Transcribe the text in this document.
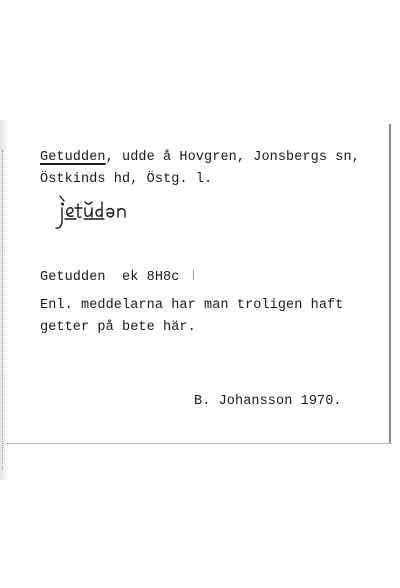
Getudden, udde å Hovgren, Jonsbergs sn,
Östkinds hd, Östg. l.
Getudden  ek 8H8c
Enl. meddelarna har man troligen haft
getter på bete här.
B. Johansson 1970.
